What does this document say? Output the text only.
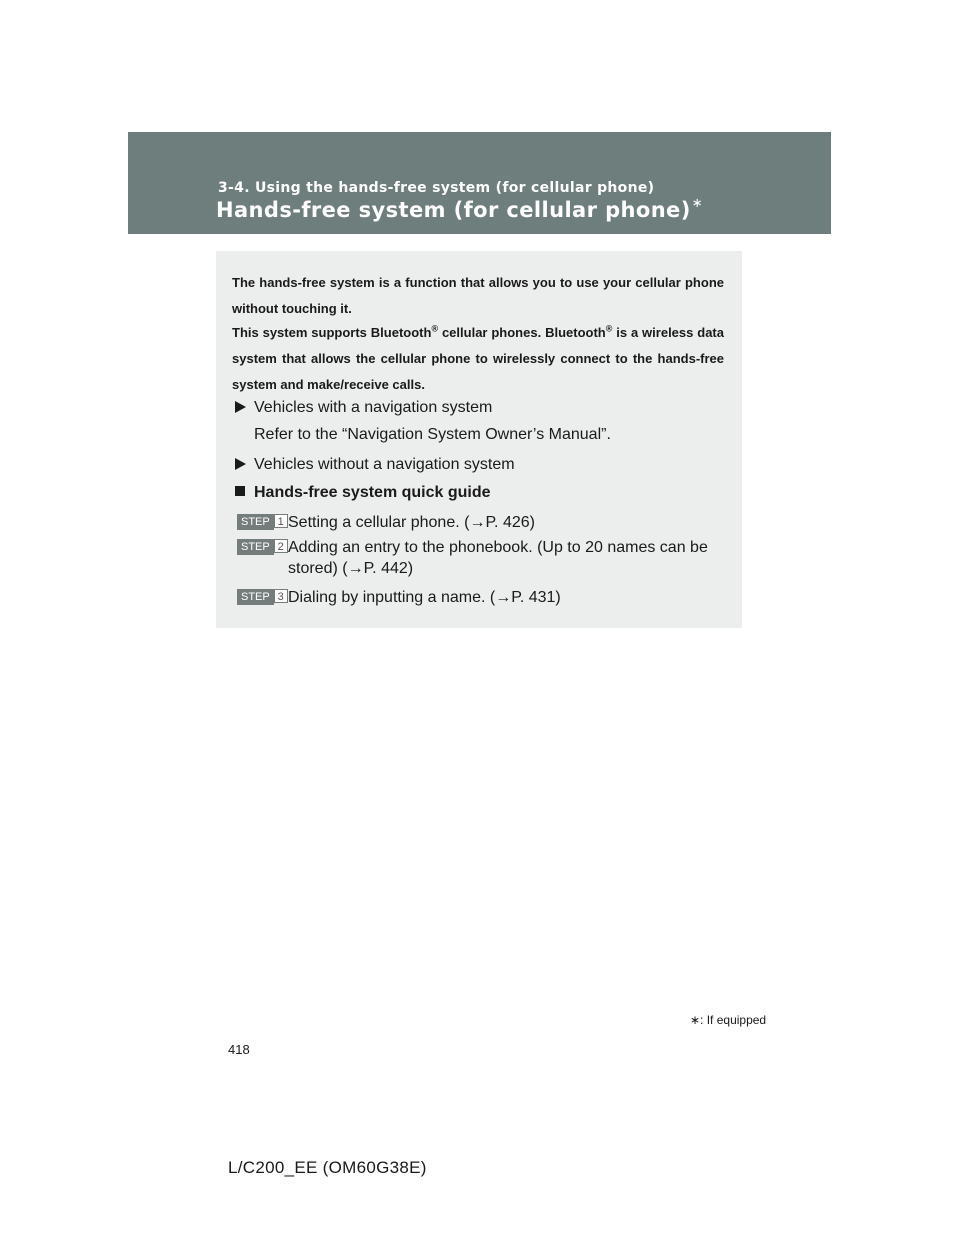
3-4. Using the hands-free system (for cellular phone)
Hands-free system (for cellular phone)∗
The hands-free system is a function that allows you to use your cellular phone without touching it.
This system supports Bluetooth® cellular phones. Bluetooth® is a wireless data system that allows the cellular phone to wirelessly connect to the hands-free system and make/receive calls.
Vehicles with a navigation system
Refer to the “Navigation System Owner’s Manual”.
Vehicles without a navigation system
Hands-free system quick guide
STEP 1 Setting a cellular phone. (→P. 426)
STEP 2 Adding an entry to the phonebook. (Up to 20 names can be
stored) (→P. 442)
STEP 3 Dialing by inputting a name. (→P. 431)
∗: If equipped
418
L/C200_EE (OM60G38E)
